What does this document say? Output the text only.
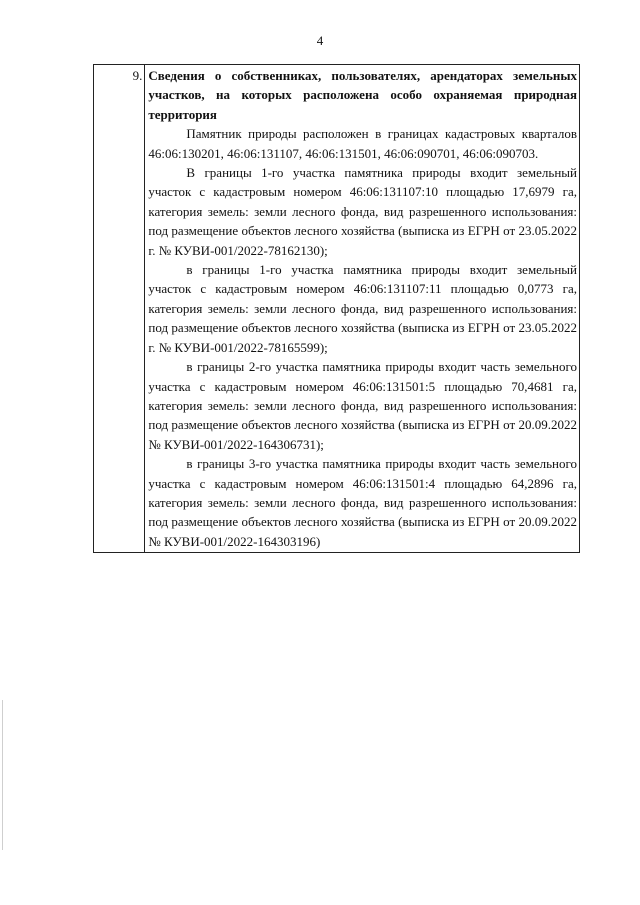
4
9.	Сведения о собственниках, пользователях, арендаторах земельных участков, на которых расположена особо охраняемая природная территория

Памятник природы расположен в границах кадастровых кварталов 46:06:130201, 46:06:131107, 46:06:131501, 46:06:090701, 46:06:090703.

В границы 1-го участка памятника природы входит земельный участок с кадастровым номером 46:06:131107:10 площадью 17,6979 га, категория земель: земли лесного фонда, вид разрешенного использования: под размещение объектов лесного хозяйства (выписка из ЕГРН от 23.05.2022 г. № КУВИ-001/2022-78162130);

в границы 1-го участка памятника природы входит земельный участок с кадастровым номером 46:06:131107:11 площадью 0,0773 га, категория земель: земли лесного фонда, вид разрешенного использования: под размещение объектов лесного хозяйства (выписка из ЕГРН от 23.05.2022 г. № КУВИ-001/2022-78165599);

в границы 2-го участка памятника природы входит часть земельного участка с кадастровым номером 46:06:131501:5 площадью 70,4681 га, категория земель: земли лесного фонда, вид разрешенного использования: под размещение объектов лесного хозяйства (выписка из ЕГРН от 20.09.2022 № КУВИ-001/2022-164306731);

в границы 3-го участка памятника природы входит часть земельного участка с кадастровым номером 46:06:131501:4 площадью 64,2896 га, категория земель: земли лесного фонда, вид разрешенного использования: под размещение объектов лесного хозяйства (выписка из ЕГРН от 20.09.2022 № КУВИ-001/2022-164303196)
